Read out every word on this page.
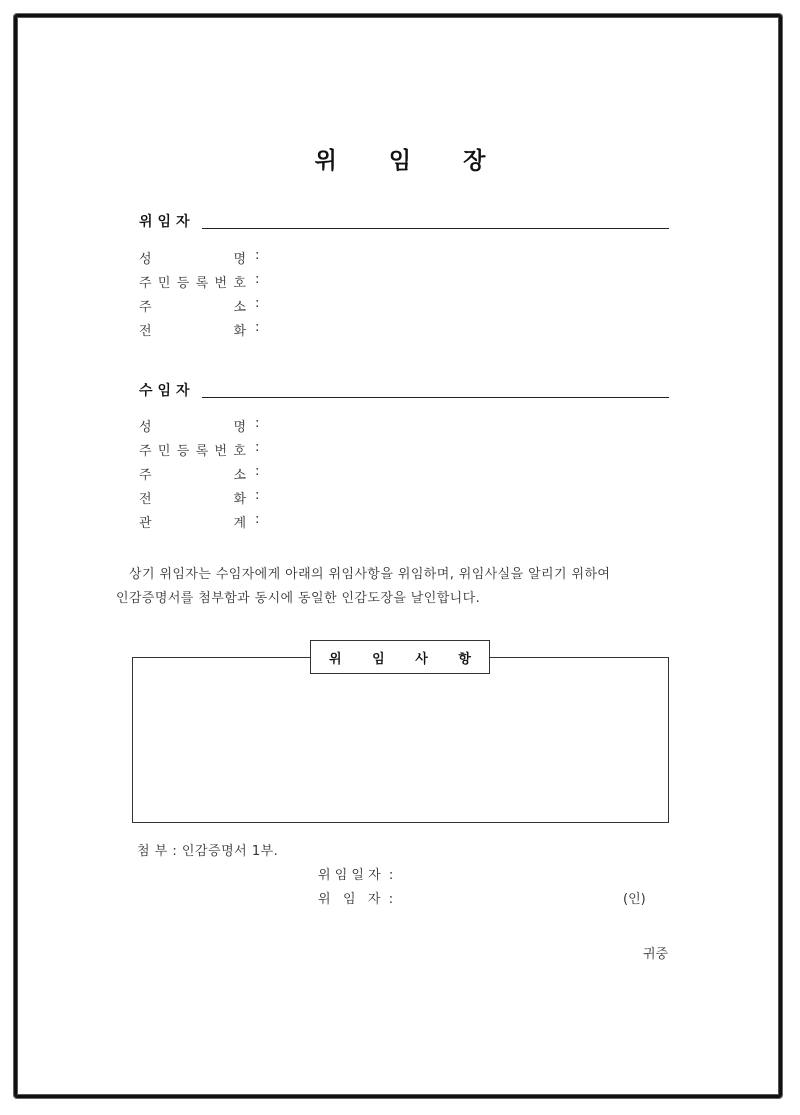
위 임 장
위임자
성	명 :
주 민 등 록 번 호 :
주	소 :
전	화 :
수임자
성	명 :
주 민 등 록 번 호 :
주	소 :
전	화 :
관	계 :
상기 위임자는 수임자에게 아래의 위임사항을 위임하며, 위임사실을 알리기 위하여
인감증명서를 첨부함과 동시에 동일한 인감도장을 날인합니다.
위 임 사 항
첨 부 : 인감증명서 1부.
위 임 일 자  :
위   임   자  :	(인)
귀중
